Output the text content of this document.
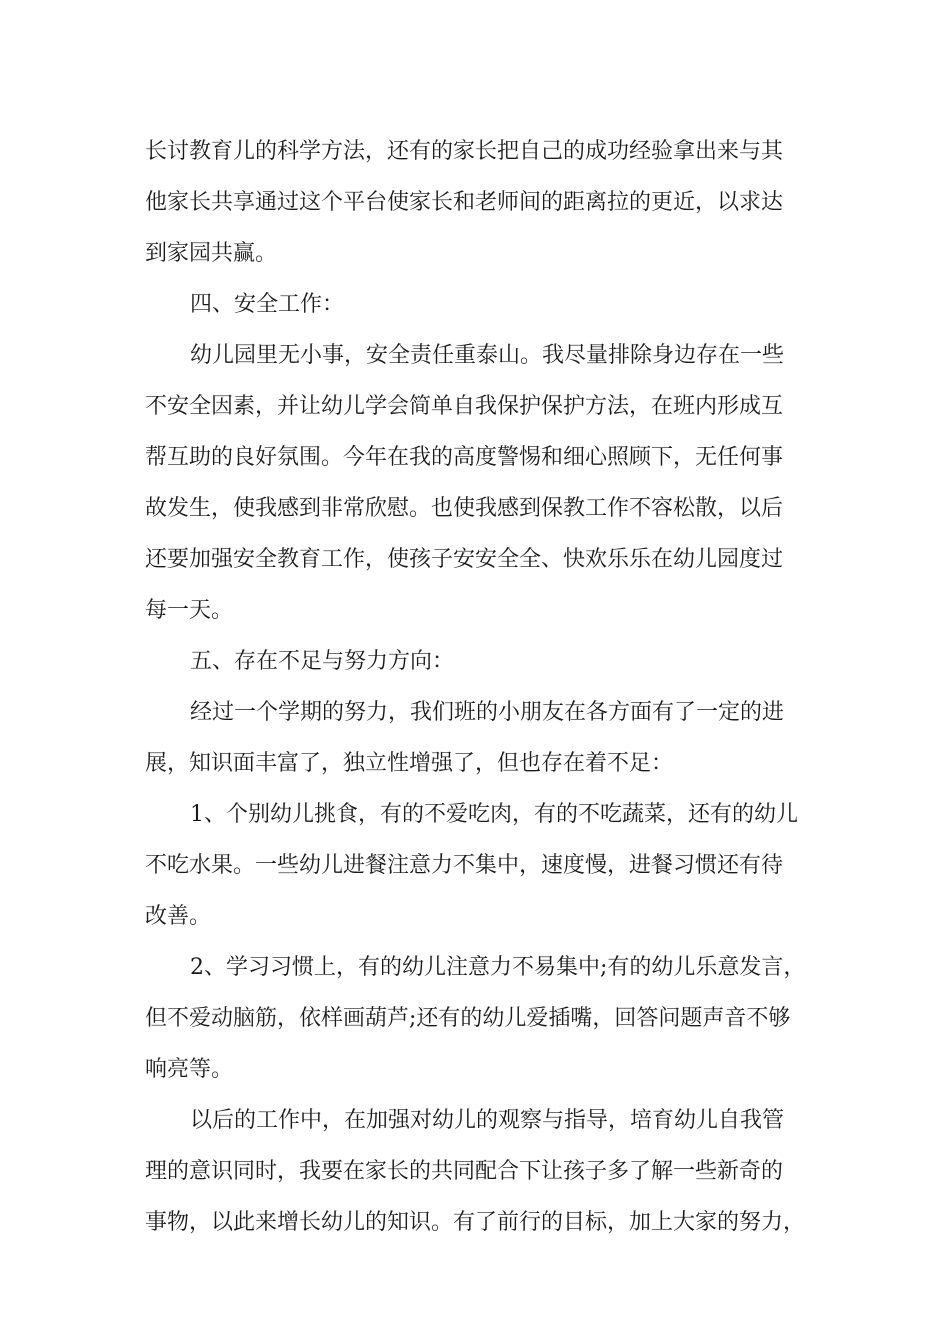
长讨教育儿的科学方法，还有的家长把自己的成功经验拿出来与其

他家长共享通过这个平台使家长和老师间的距离拉的更近，以求达

到家园共赢。

四、安全工作：

幼儿园里无小事，安全责任重泰山。我尽量排除身边存在一些

不安全因素，并让幼儿学会简单自我保护保护方法，在班内形成互

帮互助的良好氛围。今年在我的高度警惕和细心照顾下，无任何事

故发生，使我感到非常欣慰。也使我感到保教工作不容松散，以后

还要加强安全教育工作，使孩子安安全全、快欢乐乐在幼儿园度过

每一天。

五、存在不足与努力方向：

经过一个学期的努力，我们班的小朋友在各方面有了一定的进

展，知识面丰富了，独立性增强了，但也存在着不足：

1、个别幼儿挑食，有的不爱吃肉，有的不吃蔬菜，还有的幼儿

不吃水果。一些幼儿进餐注意力不集中，速度慢，进餐习惯还有待

改善。

2、学习习惯上，有的幼儿注意力不易集中;有的幼儿乐意发言，

但不爱动脑筋，依样画葫芦;还有的幼儿爱插嘴，回答问题声音不够

响亮等。

以后的工作中，在加强对幼儿的观察与指导，培育幼儿自我管

理的意识同时，我要在家长的共同配合下让孩子多了解一些新奇的

事物，以此来增长幼儿的知识。有了前行的目标，加上大家的努力，
